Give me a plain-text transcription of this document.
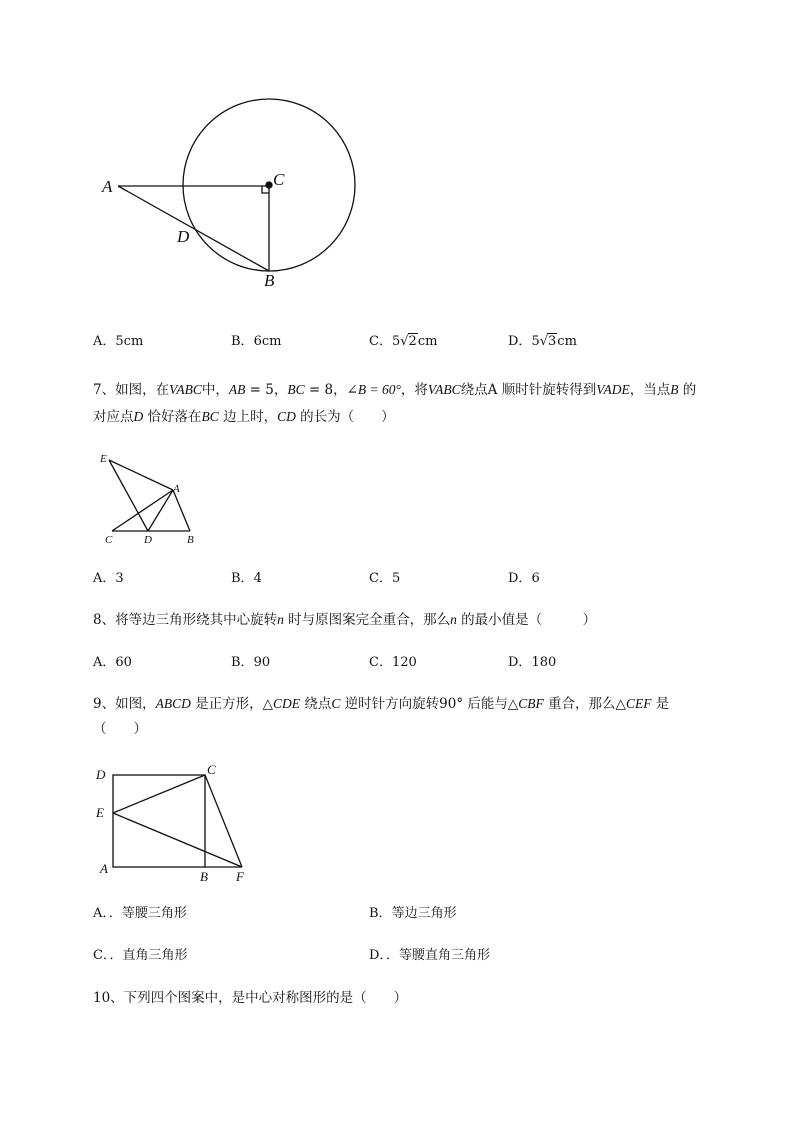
A	C
D
B
A．5cm	B．6cm	C．5√2cm	D．5√3cm
7、如图，在VABC中，AB = 5，BC = 8，∠B = 60°，将VABC绕点A 顺时针旋转得到VADE，当点B 的
对应点D 恰好落在BC 边上时，CD 的长为（　　）
E
A
C	D	B
A．3	B．4	C．5	D．6
8、将等边三角形绕其中心旋转n 时与原图案完全重合，那么n 的最小值是（　　　）
A．60	B．90	C．120	D．180
9、如图，ABCD 是正方形，△CDE 绕点C 逆时针方向旋转90° 后能与△CBF 重合，那么△CEF 是
（　　）
D	C
E
A
B F
A．．等腰三角形	B．等边三角形
C．．直角三角形	D．．等腰直角三角形
10、下列四个图案中，是中心对称图形的是（　　）
